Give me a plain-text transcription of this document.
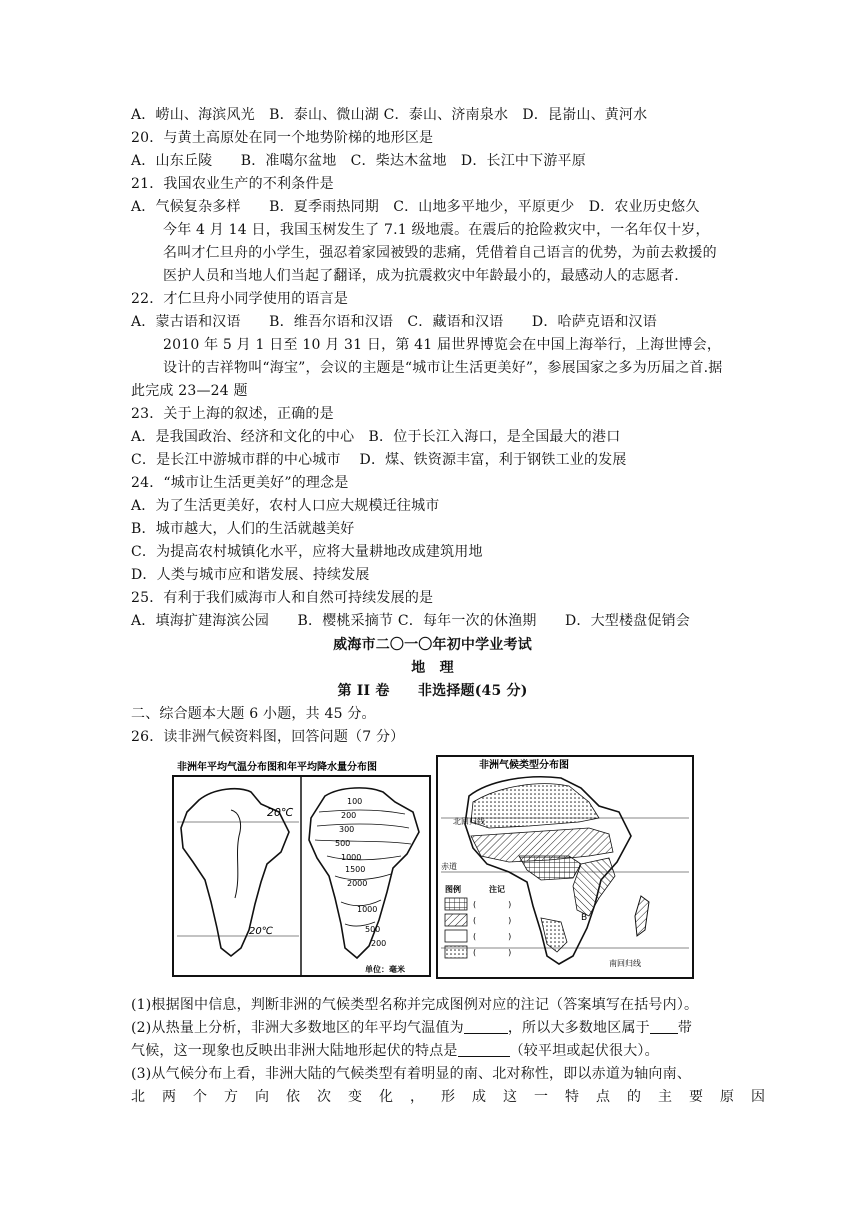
A．崂山、海滨风光　B．泰山、微山湖 C．泰山、济南泉水　D．昆嵛山、黄河水
20．与黄土高原处在同一个地势阶梯的地形区是
A．山东丘陵　　B．准噶尔盆地　C．柴达木盆地　D．长江中下游平原
21．我国农业生产的不利条件是
A．气候复杂多样　　B．夏季雨热同期　C．山地多平地少，平原更少　D．农业历史悠久
今年 4 月 14 日，我国玉树发生了 7.1 级地震。在震后的抢险救灾中，一名年仅十岁，
名叫才仁旦舟的小学生，强忍着家园被毁的悲痛，凭借着自己语言的优势，为前去救援的
医护人员和当地人们当起了翻译，成为抗震救灾中年龄最小的，最感动人的志愿者.
22．才仁旦舟小同学使用的语言是
A．蒙古语和汉语　　B．维吾尔语和汉语　C．藏语和汉语　　D．哈萨克语和汉语
2010 年 5 月 1 日至 10 月 31 日，第 41 届世界博览会在中国上海举行，上海世博会，
设计的吉祥物叫“海宝”，会议的主题是“城市让生活更美好”，参展国家之多为历届之首.据
此完成 23—24 题
23．关于上海的叙述，正确的是
A．是我国政治、经济和文化的中心　B．位于长江入海口，是全国最大的港口
C．是长江中游城市群的中心城市　 D．煤、铁资源丰富，利于钢铁工业的发展
24．“城市让生活更美好”的理念是
A．为了生活更美好，农村人口应大规模迁往城市
B．城市越大，人们的生活就越美好
C．为提高农村城镇化水平，应将大量耕地改成建筑用地
D．人类与城市应和谐发展、持续发展
25．有利于我们威海市人和自然可持续发展的是
A．填海扩建海滨公园　　B．樱桃采摘节 C．每年一次的休渔期　　D．大型楼盘促销会
威海市二〇一〇年初中学业考试
地　理
第 II 卷　　非选择题(45 分)
二、综合题本大题 6 小题，共 45 分。
26．读非洲气候资料图，回答问题（7 分）
非洲年平均气温分布图和年平均降水量分布图
20℃
20℃
100
200
300
500
1000
1500
2000
1000
500
200
单位：毫米
非洲气候类型分布图
北回归线
赤道
南回归线
B
图例	注记
(　　　　)
(　　　　)
(　　　　)
(　　　　)
(1)根据图中信息，判断非洲的气候类型名称并完成图例对应的注记（答案填写在括号内）。
(2)从热量上分析，非洲大多数地区的年平均气温值为	，所以大多数地区属于 带
气候，这一现象也反映出非洲大陆地形起伏的特点是	（较平坦或起伏很大）。
(3)从气候分布上看，非洲大陆的气候类型有着明显的南、北对称性，即以赤道为轴向南、
北两个方向依次变化，形成这一特点的主要原因
